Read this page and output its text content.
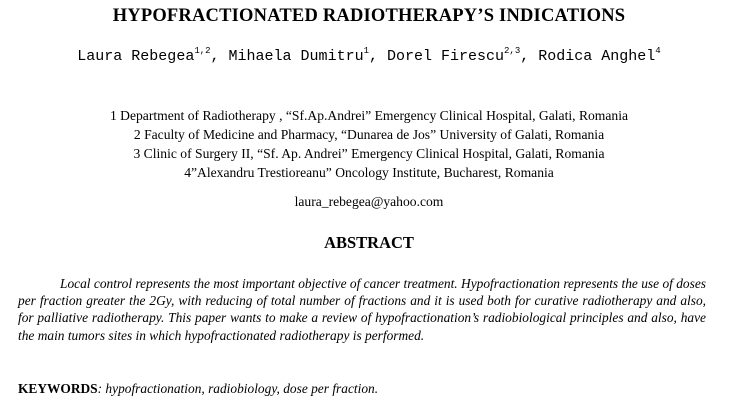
HYPOFRACTIONATED RADIOTHERAPY’S INDICATIONS
Laura Rebegea$^{1,2}$, Mihaela Dumitru$^1$, Dorel Firescu$^{2,3}$, Rodica Anghel$^4$
1 Department of Radiotherapy , “Sf.Ap.Andrei” Emergency Clinical Hospital, Galati, Romania
2 Faculty of Medicine and Pharmacy, “Dunarea de Jos” University of Galati, Romania
3 Clinic of Surgery II, “Sf. Ap. Andrei” Emergency Clinical Hospital, Galati, Romania
4”Alexandru Trestioreanu” Oncology Institute, Bucharest, Romania
laura_rebegea@yahoo.com
ABSTRACT

Local control represents the most important objective of cancer treatment. Hypofractionation represents the use of doses per fraction greater the 2Gy, with reducing of total number of fractions and it is used both for curative radiotherapy and also, for palliative radiotherapy. This paper wants to make a review of hypofractionation’s radiobiological principles and also, have the main tumors sites in which hypofractionated radiotherapy is performed.

KEYWORDS: hypofractionation, radiobiology, dose per fraction.
